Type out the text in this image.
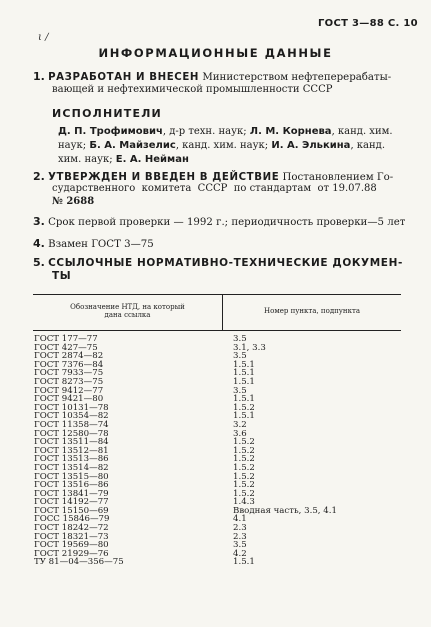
ГОСТ 3—88 С. 10
ι ∕
ИНФОРМАЦИОННЫЕ ДАННЫЕ
1. РАЗРАБОТАН И ВНЕСЕН Министерством нефтеперерабаты-
вающей и нефтехимической промышленности СССР
ИСПОЛНИТЕЛИ
Д. П. Трофимович, д-р техн. наук; Л. М. Корнева, канд. хим.
наук; Б. А. Майзелис, канд. хим. наук; И. А. Элькина, канд.
хим. наук; Е. А. Нейман
2. УТВЕРЖДЕН И ВВЕДЕН В ДЕЙСТВИЕ Постановлением Го-
сударственного  комитета  СССР  по стандартам  от 19.07.88
№ 2688
3. Срок первой проверки — 1992 г.; периодичность проверки—5 лет
4. Взамен ГОСТ 3—75
5. ССЫЛОЧНЫЕ НОРМАТИВНО-ТЕХНИЧЕСКИЕ ДОКУМЕН-
ТЫ
Обозначение НТД, на который
дана ссылка	Номер пункта, подпункта
ГОСТ 177—77
ГОСТ 427—75
ГОСТ 2874—82
ГОСТ 7376—84
ГОСТ 7933—75
ГОСТ 8273—75
ГОСТ 9412—77
ГОСТ 9421—80
ГОСТ 10131—78
ГОСТ 10354—82
ГОСТ 11358—74
ГОСТ 12580—78
ГОСТ 13511—84
ГОСТ 13512—81
ГОСТ 13513—86
ГОСТ 13514—82
ГОСТ 13515—80
ГОСТ 13516—86
ГОСТ 13841—79
ГОСТ 14192—77
ГОСТ 15150—69
ГОСС 15846—79
ГОСТ 18242—72
ГОСТ 18321—73
ГОСТ 19569—80
ГОСТ 21929—76
ТУ 81—04—356—75
3.5
3.1, 3.3
3.5
1.5.1
1.5.1
1.5.1
3.5
1.5.1
1.5.2
1.5.1
3.2
3.6
1.5.2
1.5.2
1.5.2
1.5.2
1.5.2
1.5.2
1.5.2
1.4.3
Вводная часть, 3.5, 4.1
4.1
2.3
2.3
3.5
4.2
1.5.1
